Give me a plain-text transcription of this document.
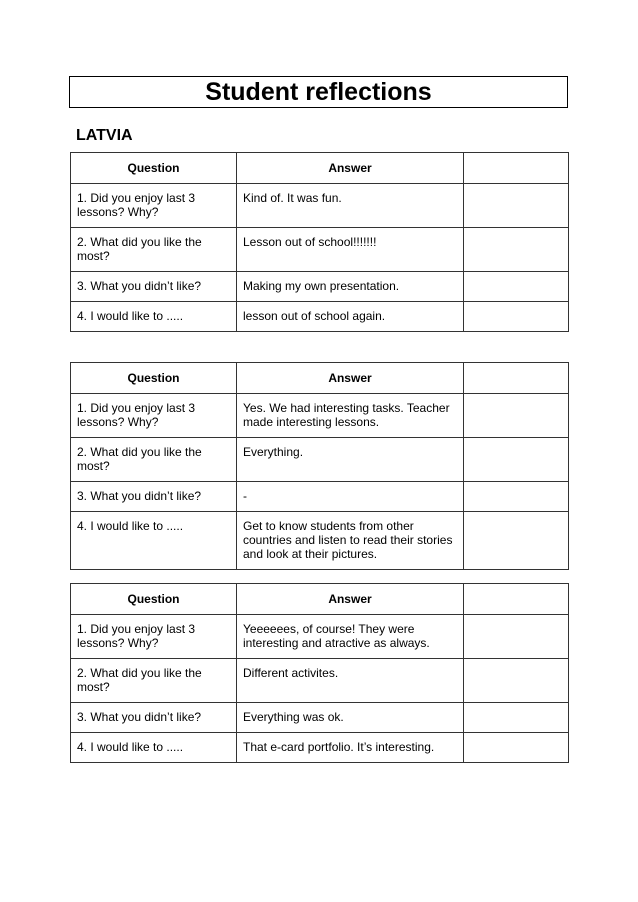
Student reflections

LATVIA

Question	Answer	
1. Did you enjoy last 3 lessons? Why?	Kind of. It was fun.	
2. What did you like the most?	Lesson out of school!!!!!!!	
3. What you didn’t like?	Making my own presentation.	
4. I would like to .....	lesson out of school again.	
Question	Answer	
1. Did you enjoy last 3 lessons? Why?	Yes. We had interesting tasks. Teacher made interesting lessons.	
2. What did you like the most?	Everything.	
3. What you didn’t like?	-	
4. I would like to .....	Get to know students from other countries and listen to read their stories and look at their pictures.	
Question	Answer	
1. Did you enjoy last 3 lessons? Why?	Yeeeeees, of course! They were interesting and atractive as always.	
2. What did you like the most?	Different activites.	
3. What you didn’t like?	Everything was ok.	
4. I would like to .....	That e-card portfolio. It’s interesting.	
